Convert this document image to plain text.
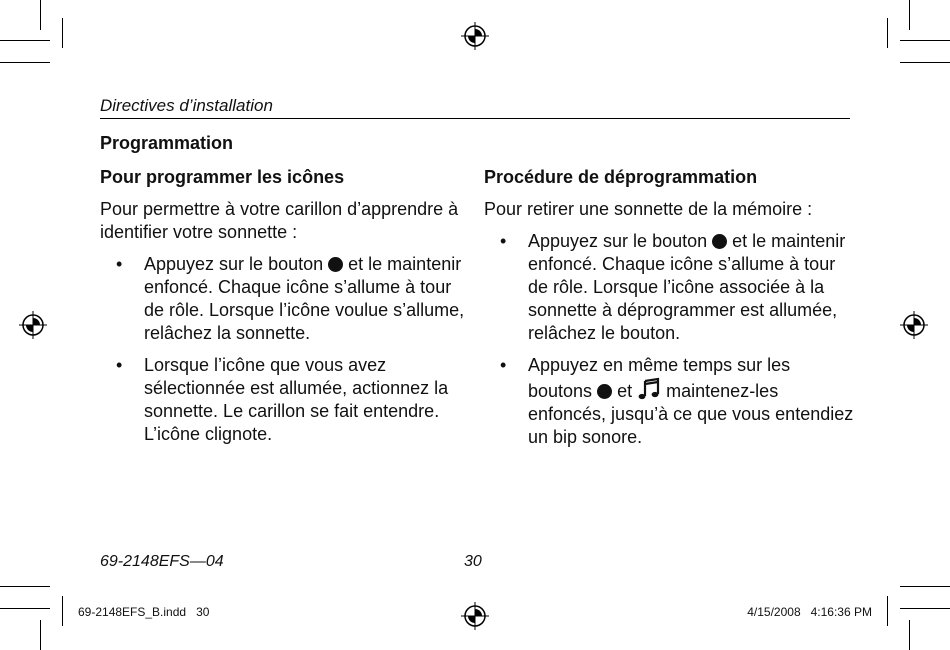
Directives d’installation
Programmation
Pour programmer les icônes
Pour permettre à votre carillon d’apprendre à identifier votre sonnette :
• Appuyez sur le bouton et le maintenir enfoncé. Chaque icône s’allume à tour de rôle. Lorsque l’icône voulue s’allume, relâchez la sonnette.
• Lorsque l’icône que vous avez sélectionnée est allumée, actionnez la sonnette. Le carillon se fait entendre. L’icône clignote.
Procédure de déprogrammation
Pour retirer une sonnette de la mémoire :
• Appuyez sur le bouton et le maintenir enfoncé. Chaque icône s’allume à tour de rôle. Lorsque l’icône associée à la sonnette à déprogrammer est allumée, relâchez le bouton.
• Appuyez en même temps sur les boutons et maintenez-les enfoncés, jusqu’à ce que vous entendiez un bip sonore.
69-2148EFS—04	30
69-2148EFS_B.indd   30	4/15/2008   4:16:36 PM
